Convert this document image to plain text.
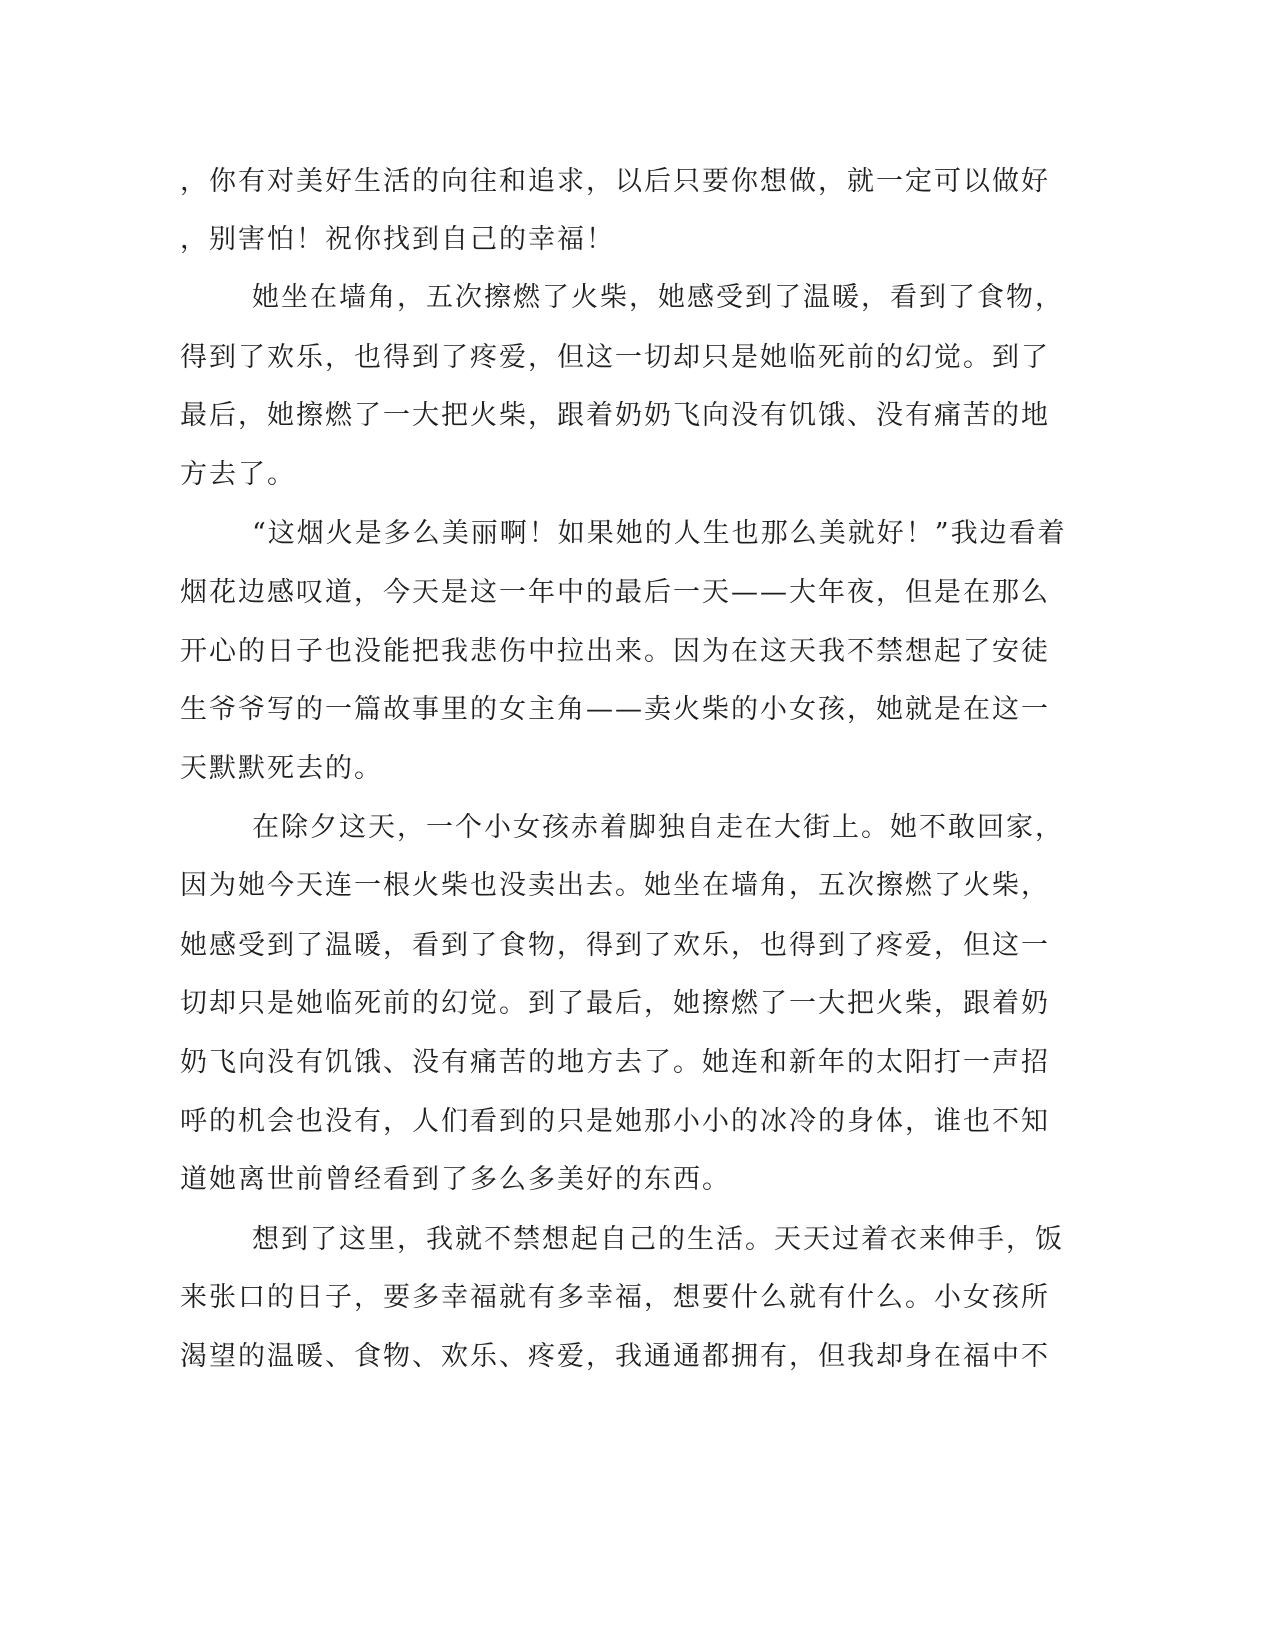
，你有对美好生活的向往和追求，以后只要你想做，就一定可以做好
，别害怕！祝你找到自己的幸福！
她坐在墙角，五次擦燃了火柴，她感受到了温暖，看到了食物，
得到了欢乐，也得到了疼爱，但这一切却只是她临死前的幻觉。到了
最后，她擦燃了一大把火柴，跟着奶奶飞向没有饥饿、没有痛苦的地
方去了。
“这烟火是多么美丽啊！如果她的人生也那么美就好！”我边看着
烟花边感叹道，今天是这一年中的最后一天——大年夜，但是在那么
开心的日子也没能把我悲伤中拉出来。因为在这天我不禁想起了安徒
生爷爷写的一篇故事里的女主角——卖火柴的小女孩，她就是在这一
天默默死去的。
在除夕这天，一个小女孩赤着脚独自走在大街上。她不敢回家，
因为她今天连一根火柴也没卖出去。她坐在墙角，五次擦燃了火柴，
她感受到了温暖，看到了食物，得到了欢乐，也得到了疼爱，但这一
切却只是她临死前的幻觉。到了最后，她擦燃了一大把火柴，跟着奶
奶飞向没有饥饿、没有痛苦的地方去了。她连和新年的太阳打一声招
呼的机会也没有，人们看到的只是她那小小的冰冷的身体，谁也不知
道她离世前曾经看到了多么多美好的东西。
想到了这里，我就不禁想起自己的生活。天天过着衣来伸手，饭
来张口的日子，要多幸福就有多幸福，想要什么就有什么。小女孩所
渴望的温暖、食物、欢乐、疼爱，我通通都拥有，但我却身在福中不
